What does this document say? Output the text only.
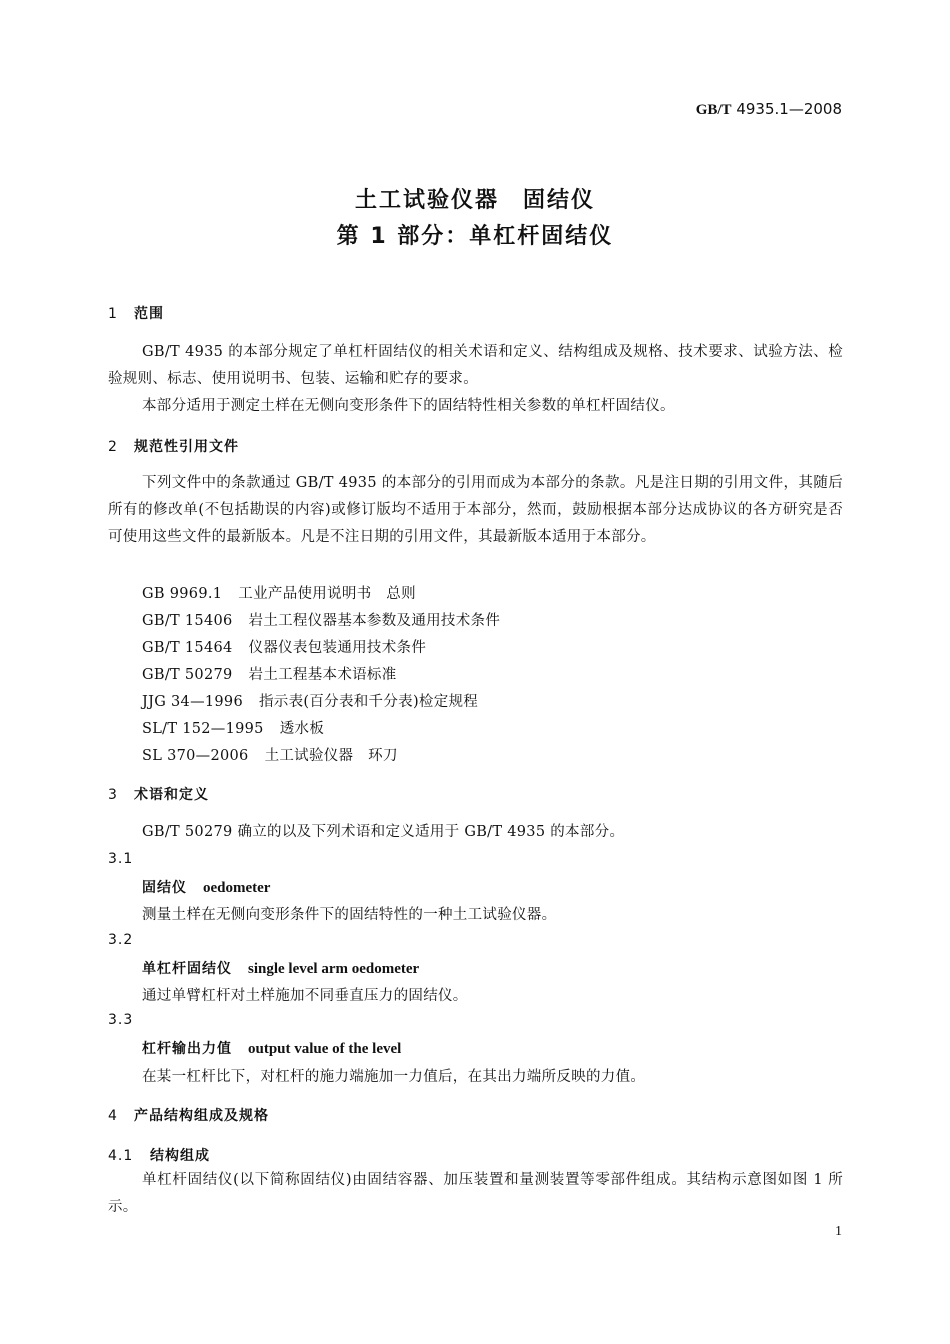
GB/T 4935.1—2008
土工试验仪器　固结仪
第 1 部分：单杠杆固结仪
1 范围
GB/T 4935 的本部分规定了单杠杆固结仪的相关术语和定义、结构组成及规格、技术要求、试验方法、检验规则、标志、使用说明书、包装、运输和贮存的要求。
本部分适用于测定土样在无侧向变形条件下的固结特性相关参数的单杠杆固结仪。
2 规范性引用文件
下列文件中的条款通过 GB/T 4935 的本部分的引用而成为本部分的条款。凡是注日期的引用文件，其随后所有的修改单(不包括勘误的内容)或修订版均不适用于本部分，然而，鼓励根据本部分达成协议的各方研究是否可使用这些文件的最新版本。凡是不注日期的引用文件，其最新版本适用于本部分。
GB 9969.1 工业产品使用说明书　总则
GB/T 15406 岩土工程仪器基本参数及通用技术条件
GB/T 15464 仪器仪表包装通用技术条件
GB/T 50279 岩土工程基本术语标准
JJG 34—1996 指示表(百分表和千分表)检定规程
SL/T 152—1995 透水板
SL 370—2006 土工试验仪器　环刀
3 术语和定义
GB/T 50279 确立的以及下列术语和定义适用于 GB/T 4935 的本部分。
3.1
固结仪 oedometer
测量土样在无侧向变形条件下的固结特性的一种土工试验仪器。
3.2
单杠杆固结仪 single level arm oedometer
通过单臂杠杆对土样施加不同垂直压力的固结仪。
3.3
杠杆输出力值 output value of the level
在某一杠杆比下，对杠杆的施力端施加一力值后，在其出力端所反映的力值。
4 产品结构组成及规格
4.1 结构组成
单杠杆固结仪(以下简称固结仪)由固结容器、加压装置和量测装置等零部件组成。其结构示意图如图 1 所示。
1
